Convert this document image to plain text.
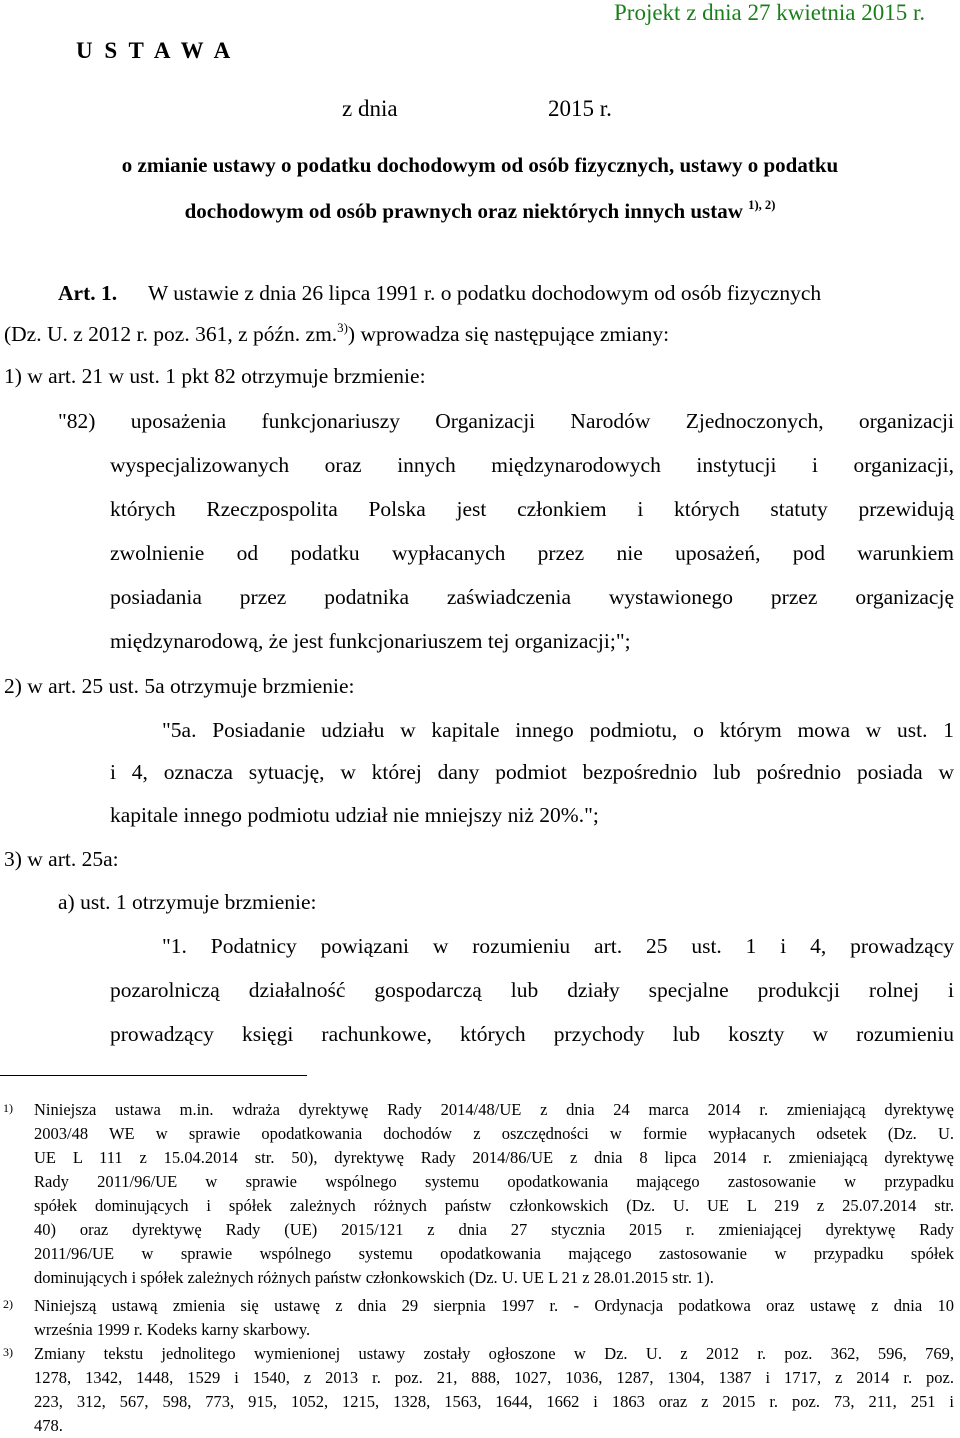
Projekt z dnia 27 kwietnia 2015 r.
U S T A W A
z dnia	2015 r.
o zmianie ustawy o podatku dochodowym od osób fizycznych, ustawy o podatku
dochodowym od osób prawnych oraz niektórych innych ustaw $^{1), 2)}$
Art. 1. W ustawie z dnia 26 lipca 1991 r. o podatku dochodowym od osób fizycznych
(Dz. U. z 2012 r. poz. 361, z późn. zm.$^{3)}$) wprowadza się następujące zmiany:
1) w art. 21 w ust. 1 pkt 82 otrzymuje brzmienie:
"82) uposażenia funkcjonariuszy Organizacji Narodów Zjednoczonych, organizacji
wyspecjalizowanych oraz innych międzynarodowych instytucji i organizacji,
których Rzeczpospolita Polska jest członkiem i których statuty przewidują
zwolnienie od podatku wypłacanych przez nie uposażeń, pod warunkiem
posiadania przez podatnika zaświadczenia wystawionego przez organizację
międzynarodową, że jest funkcjonariuszem tej organizacji;";
2) w art. 25 ust. 5a otrzymuje brzmienie:
"5a. Posiadanie udziału w kapitale innego podmiotu, o którym mowa w ust. 1
i 4, oznacza sytuację, w której dany podmiot bezpośrednio lub pośrednio posiada w
kapitale innego podmiotu udział nie mniejszy niż 20%.";
3) w art. 25a:
a) ust. 1 otrzymuje brzmienie:
"1. Podatnicy powiązani w rozumieniu art. 25 ust. 1 i 4, prowadzący
pozarolniczą działalność gospodarczą lub działy specjalne produkcji rolnej i
prowadzący księgi rachunkowe, których przychody lub koszty w rozumieniu
1) Niniejsza ustawa m.in. wdraża dyrektywę Rady 2014/48/UE z dnia 24 marca 2014 r. zmieniającą dyrektywę
2003/48 WE w sprawie opodatkowania dochodów z oszczędności w formie wypłacanych odsetek (Dz. U.
UE L 111 z 15.04.2014 str. 50), dyrektywę Rady 2014/86/UE z dnia 8 lipca 2014 r. zmieniającą dyrektywę
Rady 2011/96/UE w sprawie wspólnego systemu opodatkowania mającego zastosowanie w przypadku
spółek dominujących i spółek zależnych różnych państw członkowskich (Dz. U. UE L 219 z 25.07.2014 str.
40) oraz dyrektywę Rady (UE) 2015/121 z dnia 27 stycznia 2015 r. zmieniającej dyrektywę Rady
2011/96/UE w sprawie wspólnego systemu opodatkowania mającego zastosowanie w przypadku spółek
dominujących i spółek zależnych różnych państw członkowskich (Dz. U. UE L 21 z 28.01.2015 str. 1).
2) Niniejszą ustawą zmienia się ustawę z dnia 29 sierpnia 1997 r. - Ordynacja podatkowa oraz ustawę z dnia 10
września 1999 r. Kodeks karny skarbowy.
3) Zmiany tekstu jednolitego wymienionej ustawy zostały ogłoszone w Dz. U. z 2012 r. poz. 362, 596, 769,
1278, 1342, 1448, 1529 i 1540, z 2013 r. poz. 21, 888, 1027, 1036, 1287, 1304, 1387 i 1717, z 2014 r. poz.
223, 312, 567, 598, 773, 915, 1052, 1215, 1328, 1563, 1644, 1662 i 1863 oraz z 2015 r. poz. 73, 211, 251 i
478.
